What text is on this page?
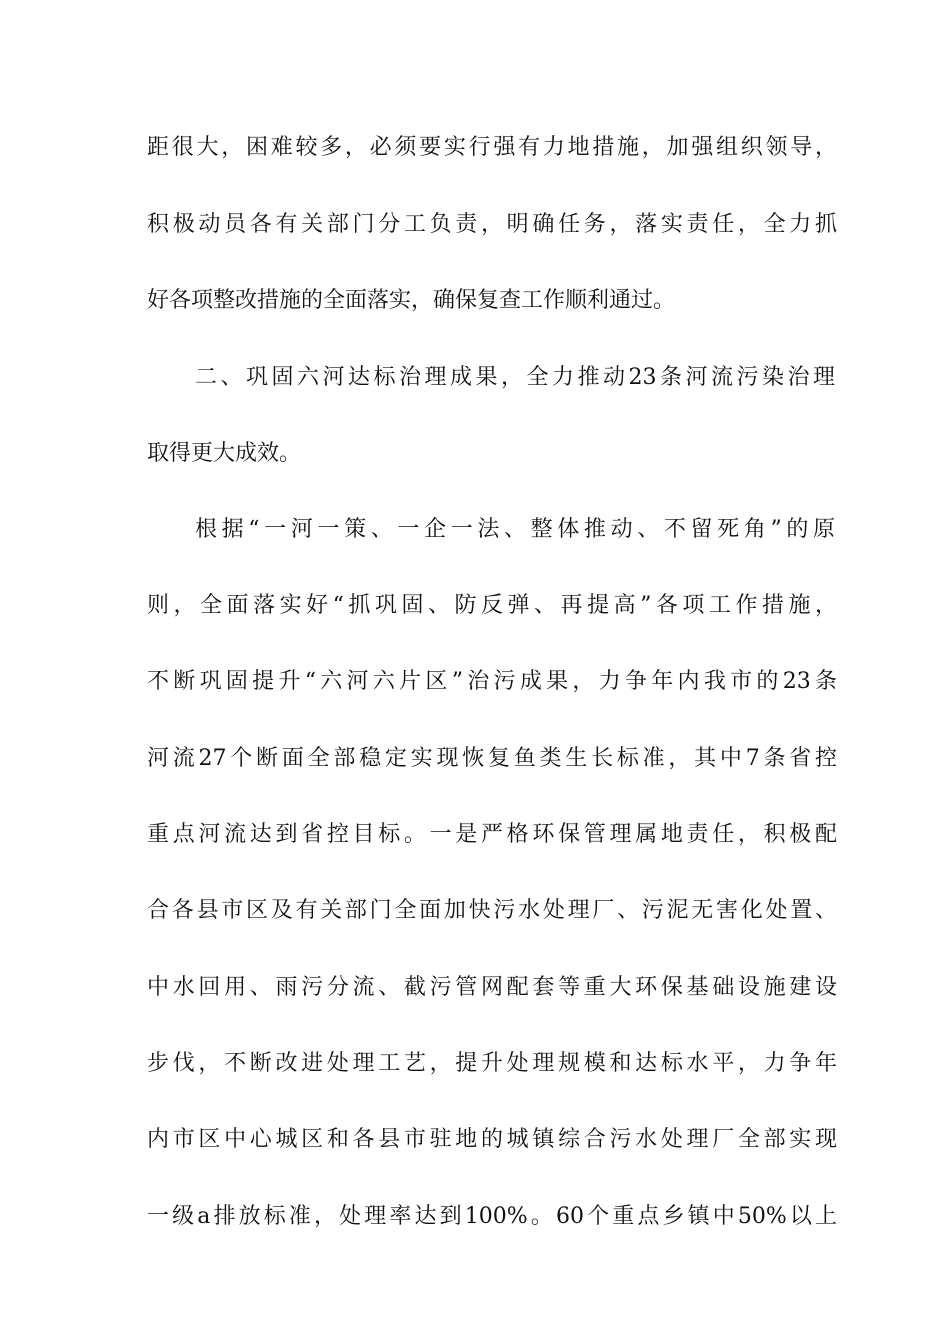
距很大，困难较多，必须要实行强有力地措施，加强组织领导，
积极动员各有关部门分工负责，明确任务，落实责任，全力抓
好各项整改措施的全面落实，确保复查工作顺利通过。
二、巩固六河达标治理成果，全力推动23条河流污染治理
取得更大成效。
根据“一河一策、一企一法、整体推动、不留死角”的原
则，全面落实好“抓巩固、防反弹、再提高”各项工作措施，
不断巩固提升“六河六片区”治污成果，力争年内我市的23条
河流27个断面全部稳定实现恢复鱼类生长标准，其中7条省控
重点河流达到省控目标。一是严格环保管理属地责任，积极配
合各县市区及有关部门全面加快污水处理厂、污泥无害化处置、
中水回用、雨污分流、截污管网配套等重大环保基础设施建设
步伐，不断改进处理工艺，提升处理规模和达标水平，力争年
内市区中心城区和各县市驻地的城镇综合污水处理厂全部实现
一级a排放标准，处理率达到100%。60个重点乡镇中50%以上
